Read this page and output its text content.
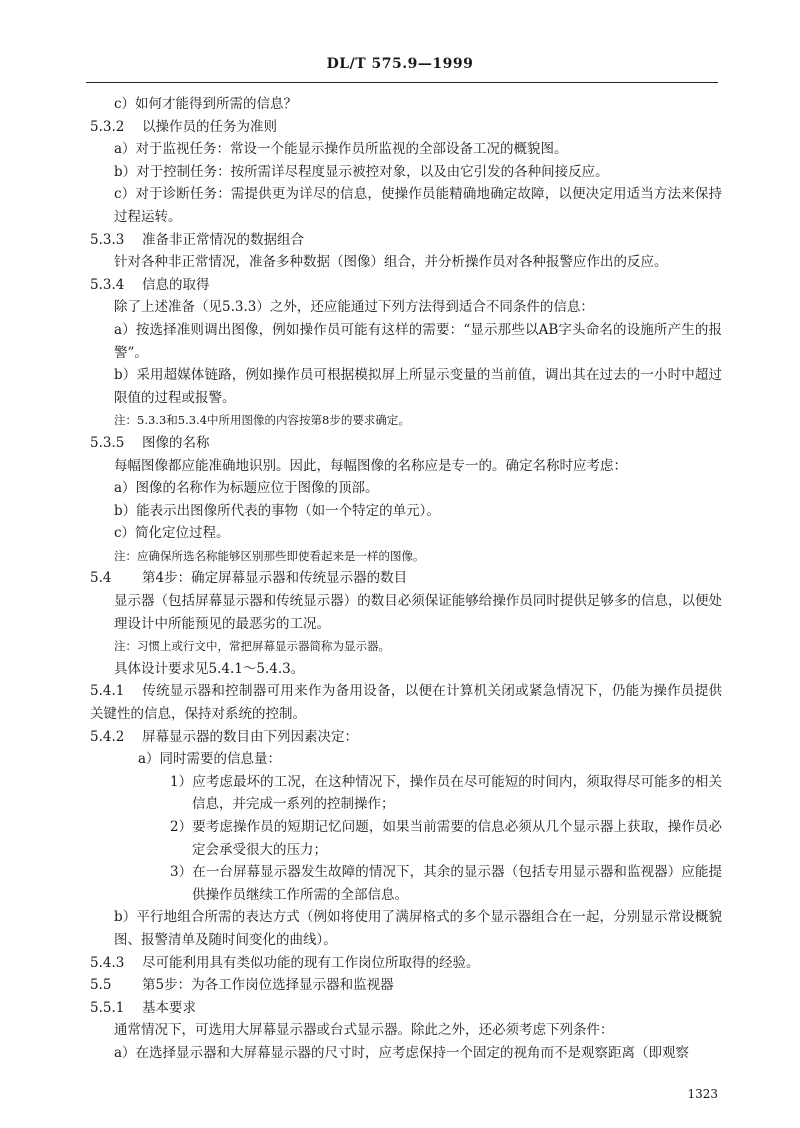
DL/T 575.9—1999
c）如何才能得到所需的信息？
5.3.2 以操作员的任务为准则
a）对于监视任务：常设一个能显示操作员所监视的全部设备工况的概貌图。
b）对于控制任务：按所需详尽程度显示被控对象，以及由它引发的各种间接反应。
c）对于诊断任务：需提供更为详尽的信息，使操作员能精确地确定故障，以便决定用适当方法来保持过程运转。
5.3.3 准备非正常情况的数据组合
针对各种非正常情况，准备多种数据（图像）组合，并分析操作员对各种报警应作出的反应。
5.3.4 信息的取得
除了上述准备（见5.3.3）之外，还应能通过下列方法得到适合不同条件的信息：
a）按选择准则调出图像，例如操作员可能有这样的需要：“显示那些以AB字头命名的设施所产生的报警”。
b）采用超媒体链路，例如操作员可根据模拟屏上所显示变量的当前值，调出其在过去的一小时中超过限值的过程或报警。
注：5.3.3和5.3.4中所用图像的内容按第8步的要求确定。
5.3.5 图像的名称
每幅图像都应能准确地识别。因此，每幅图像的名称应是专一的。确定名称时应考虑：
a）图像的名称作为标题应位于图像的顶部。
b）能表示出图像所代表的事物（如一个特定的单元）。
c）简化定位过程。
注：应确保所选名称能够区别那些即使看起来是一样的图像。
5.4 第4步：确定屏幕显示器和传统显示器的数目
显示器（包括屏幕显示器和传统显示器）的数目必须保证能够给操作员同时提供足够多的信息，以便处理设计中所能预见的最恶劣的工况。
注：习惯上或行文中，常把屏幕显示器简称为显示器。
具体设计要求见5.4.1～5.4.3。
5.4.1 传统显示器和控制器可用来作为备用设备，以便在计算机关闭或紧急情况下，仍能为操作员提供关键性的信息，保持对系统的控制。
5.4.2 屏幕显示器的数目由下列因素决定：
a）同时需要的信息量：
1）应考虑最坏的工况，在这种情况下，操作员在尽可能短的时间内，须取得尽可能多的相关信息，并完成一系列的控制操作；
2）要考虑操作员的短期记忆问题，如果当前需要的信息必须从几个显示器上获取，操作员必定会承受很大的压力；
3）在一台屏幕显示器发生故障的情况下，其余的显示器（包括专用显示器和监视器）应能提供操作员继续工作所需的全部信息。
b）平行地组合所需的表达方式（例如将使用了满屏格式的多个显示器组合在一起，分别显示常设概貌图、报警清单及随时间变化的曲线）。
5.4.3 尽可能利用具有类似功能的现有工作岗位所取得的经验。
5.5 第5步：为各工作岗位选择显示器和监视器
5.5.1 基本要求
通常情况下，可选用大屏幕显示器或台式显示器。除此之外，还必须考虑下列条件：
a）在选择显示器和大屏幕显示器的尺寸时，应考虑保持一个固定的视角而不是观察距离（即观察
1323
